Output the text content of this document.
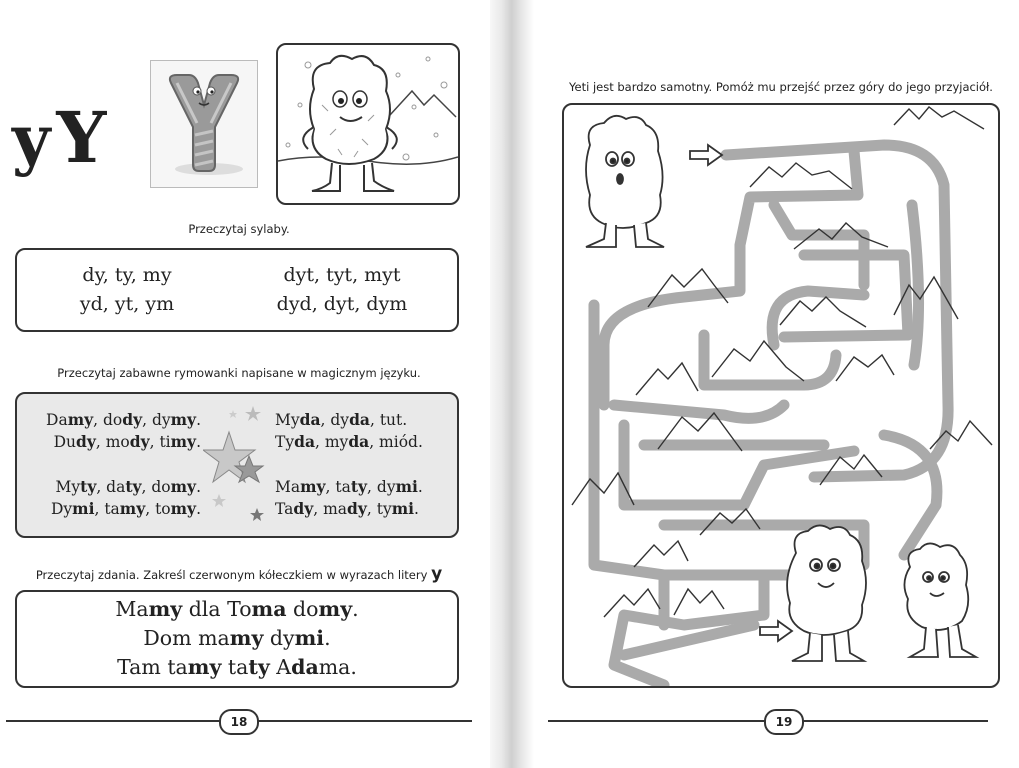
yY
Przeczytaj sylaby.
dy, ty, my
yd, yt, ym
dyt, tyt, myt
dyd, dyt, dym
Przeczytaj zabawne rymowanki napisane w magicznym języku.
Damy, dody, dymy.
Dudy, mody, timy.
Myty, daty, domy.
Dymi, tamy, tomy.
Myda, dyda, tut.
Tyda, myda, miód.
Mamy, taty, dymi.
Tady, mady, tymi.
Przeczytaj zdania. Zakreśl czerwonym kółeczkiem w wyrazach litery y
Mamy dla Toma domy.
Dom mamy dymi.
Tam tamy taty Adama.
18
Yeti jest bardzo samotny. Pomóż mu przejść przez góry do jego przyjaciół.
19
